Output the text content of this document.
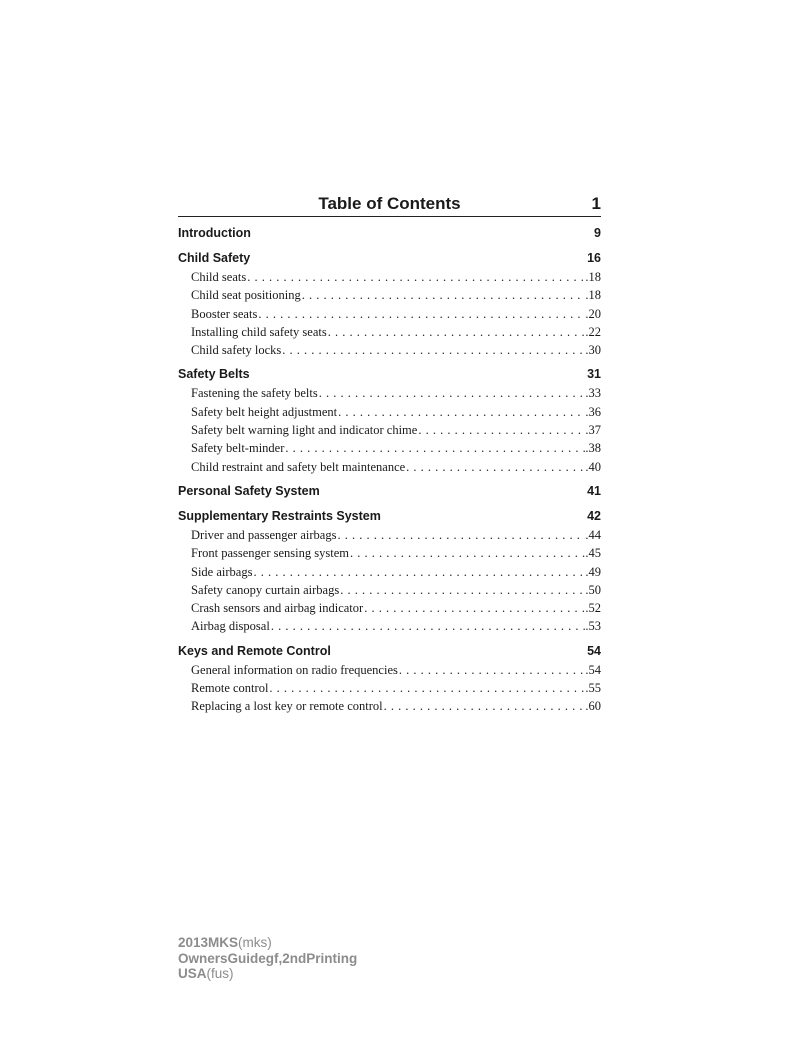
Table of Contents	1
Introduction	9
Child Safety	16
Child seats . . .	.18
Child seat positioning . . .	.18
Booster seats . . .	.20
Installing child safety seats . . .	.22
Child safety locks . . .	.30
Safety Belts	31
Fastening the safety belts . . .	.33
Safety belt height adjustment . . .	.36
Safety belt warning light and indicator chime . . .	.37
Safety belt-minder . . .	.38
Child restraint and safety belt maintenance . . .	.40
Personal Safety System	41
Supplementary Restraints System	42
Driver and passenger airbags . . .	.44
Front passenger sensing system . . .	.45
Side airbags . . .	.49
Safety canopy curtain airbags . . .	.50
Crash sensors and airbag indicator . . .	.52
Airbag disposal . . .	.53
Keys and Remote Control	54
General information on radio frequencies . . .	.54
Remote control . . .	.55
Replacing a lost key or remote control . . .	.60
2013MKS(mks)
OwnersGuidegf,2ndPrinting
USA(fus)
